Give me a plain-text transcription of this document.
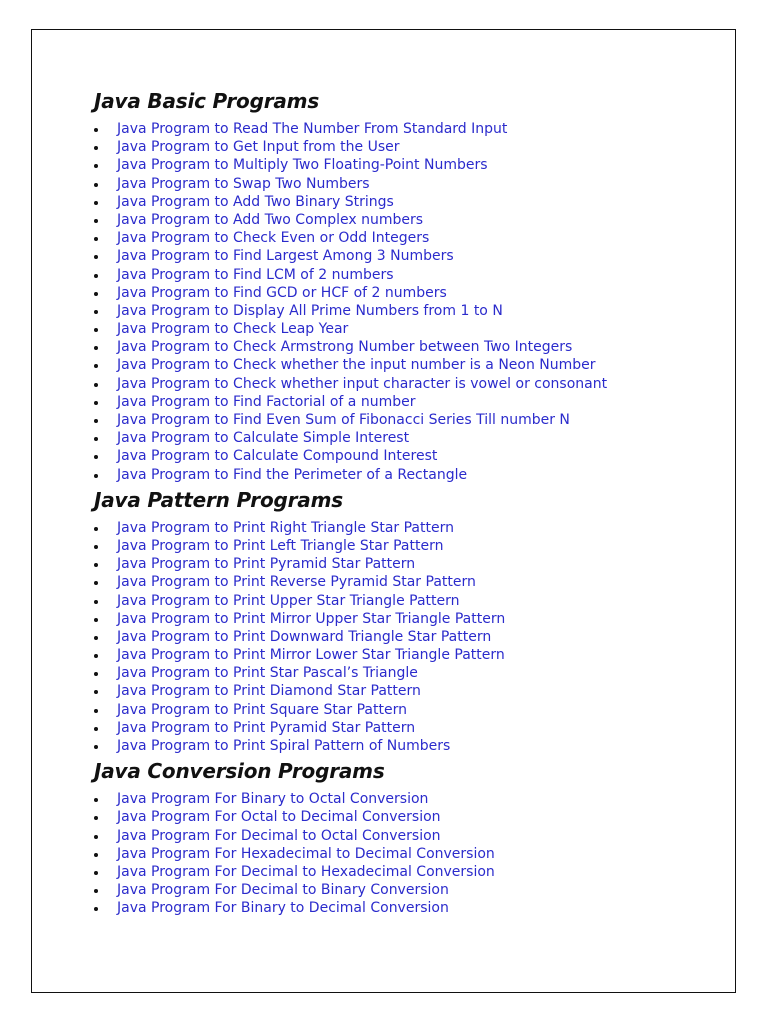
Java Basic Programs
Java Program to Read The Number From Standard Input
Java Program to Get Input from the User
Java Program to Multiply Two Floating-Point Numbers
Java Program to Swap Two Numbers
Java Program to Add Two Binary Strings
Java Program to Add Two Complex numbers
Java Program to Check Even or Odd Integers
Java Program to Find Largest Among 3 Numbers
Java Program to Find LCM of 2 numbers
Java Program to Find GCD or HCF of 2 numbers
Java Program to Display All Prime Numbers from 1 to N
Java Program to Check Leap Year
Java Program to Check Armstrong Number between Two Integers
Java Program to Check whether the input number is a Neon Number
Java Program to Check whether input character is vowel or consonant
Java Program to Find Factorial of a number
Java Program to Find Even Sum of Fibonacci Series Till number N
Java Program to Calculate Simple Interest
Java Program to Calculate Compound Interest
Java Program to Find the Perimeter of a Rectangle
Java Pattern Programs
Java Program to Print Right Triangle Star Pattern
Java Program to Print Left Triangle Star Pattern
Java Program to Print Pyramid Star Pattern
Java Program to Print Reverse Pyramid Star Pattern
Java Program to Print Upper Star Triangle Pattern
Java Program to Print Mirror Upper Star Triangle Pattern
Java Program to Print Downward Triangle Star Pattern
Java Program to Print Mirror Lower Star Triangle Pattern
Java Program to Print Star Pascal’s Triangle
Java Program to Print Diamond Star Pattern
Java Program to Print Square Star Pattern
Java Program to Print Pyramid Star Pattern
Java Program to Print Spiral Pattern of Numbers
Java Conversion Programs
Java Program For Binary to Octal Conversion
Java Program For Octal to Decimal Conversion
Java Program For Decimal to Octal Conversion
Java Program For Hexadecimal to Decimal Conversion
Java Program For Decimal to Hexadecimal Conversion
Java Program For Decimal to Binary Conversion
Java Program For Binary to Decimal Conversion
